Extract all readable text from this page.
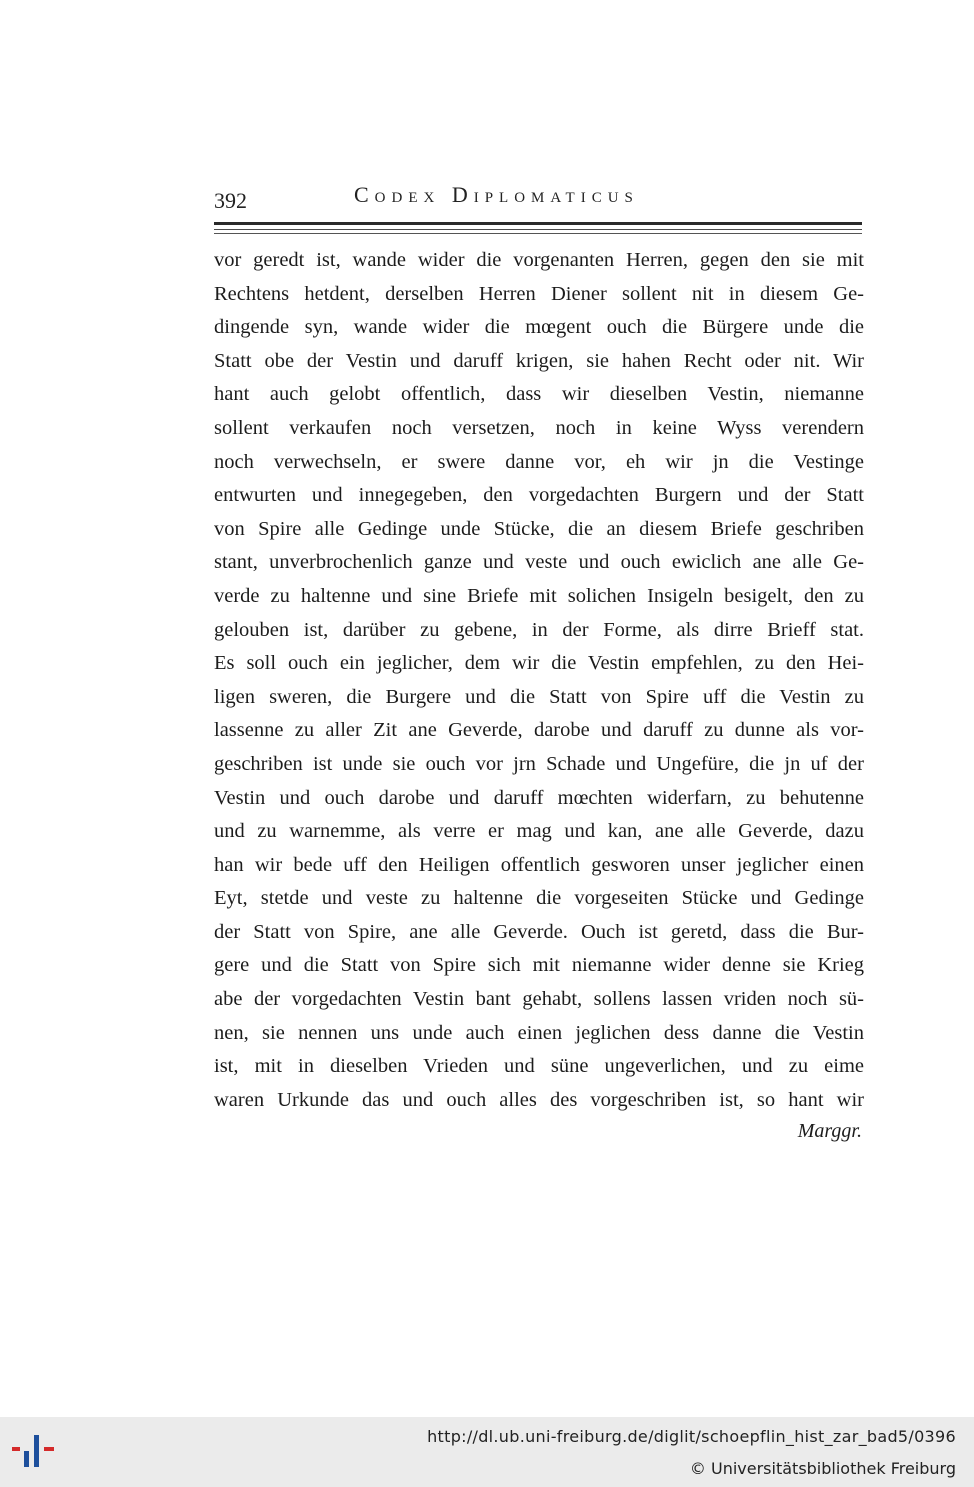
392	Codex Diplomaticus
vor geredt ist, wande wider die vorgenanten Herren, gegen den sie mit
Rechtens hetdent, derselben Herren Diener sollent nit in diesem Ge-
dingende syn, wande wider die mœgent ouch die Bürgere unde die
Statt obe der Vestin und daruff krigen, sie hahen Recht oder nit. Wir
hant auch gelobt offentlich, dass wir dieselben Vestin, niemanne
sollent verkaufen noch versetzen, noch in keine Wyss verendern
noch verwechseln, er swere danne vor, eh wir jn die Vestinge
entwurten und innegegeben, den vorgedachten Burgern und der Statt
von Spire alle Gedinge unde Stücke, die an diesem Briefe geschriben
stant, unverbrochenlich ganze und veste und ouch ewiclich ane alle Ge-
verde zu haltenne und sine Briefe mit solichen Insigeln besigelt, den zu
gelouben ist, darüber zu gebene, in der Forme, als dirre Brieff stat.
Es soll ouch ein jeglicher, dem wir die Vestin empfehlen, zu den Hei-
ligen sweren, die Burgere und die Statt von Spire uff die Vestin zu
lassenne zu aller Zit ane Geverde, darobe und daruff zu dunne als vor-
geschriben ist unde sie ouch vor jrn Schade und Ungefüre, die jn uf der
Vestin und ouch darobe und daruff mœchten widerfarn, zu behutenne
und zu warnemme, als verre er mag und kan, ane alle Geverde, dazu
han wir bede uff den Heiligen offentlich gesworen unser jeglicher einen
Eyt, stetde und veste zu haltenne die vorgeseiten Stücke und Gedinge
der Statt von Spire, ane alle Geverde. Ouch ist geretd, dass die Bur-
gere und die Statt von Spire sich mit niemanne wider denne sie Krieg
abe der vorgedachten Vestin bant gehabt, sollens lassen vriden noch sü-
nen, sie nennen uns unde auch einen jeglichen dess danne die Vestin
ist, mit in dieselben Vrieden und süne ungeverlichen, und zu eime
waren Urkunde das und ouch alles des vorgeschriben ist, so hant wir
Marggr.
http://dl.ub.uni-freiburg.de/diglit/schoepflin_hist_zar_bad5/0396
© Universitätsbibliothek Freiburg
